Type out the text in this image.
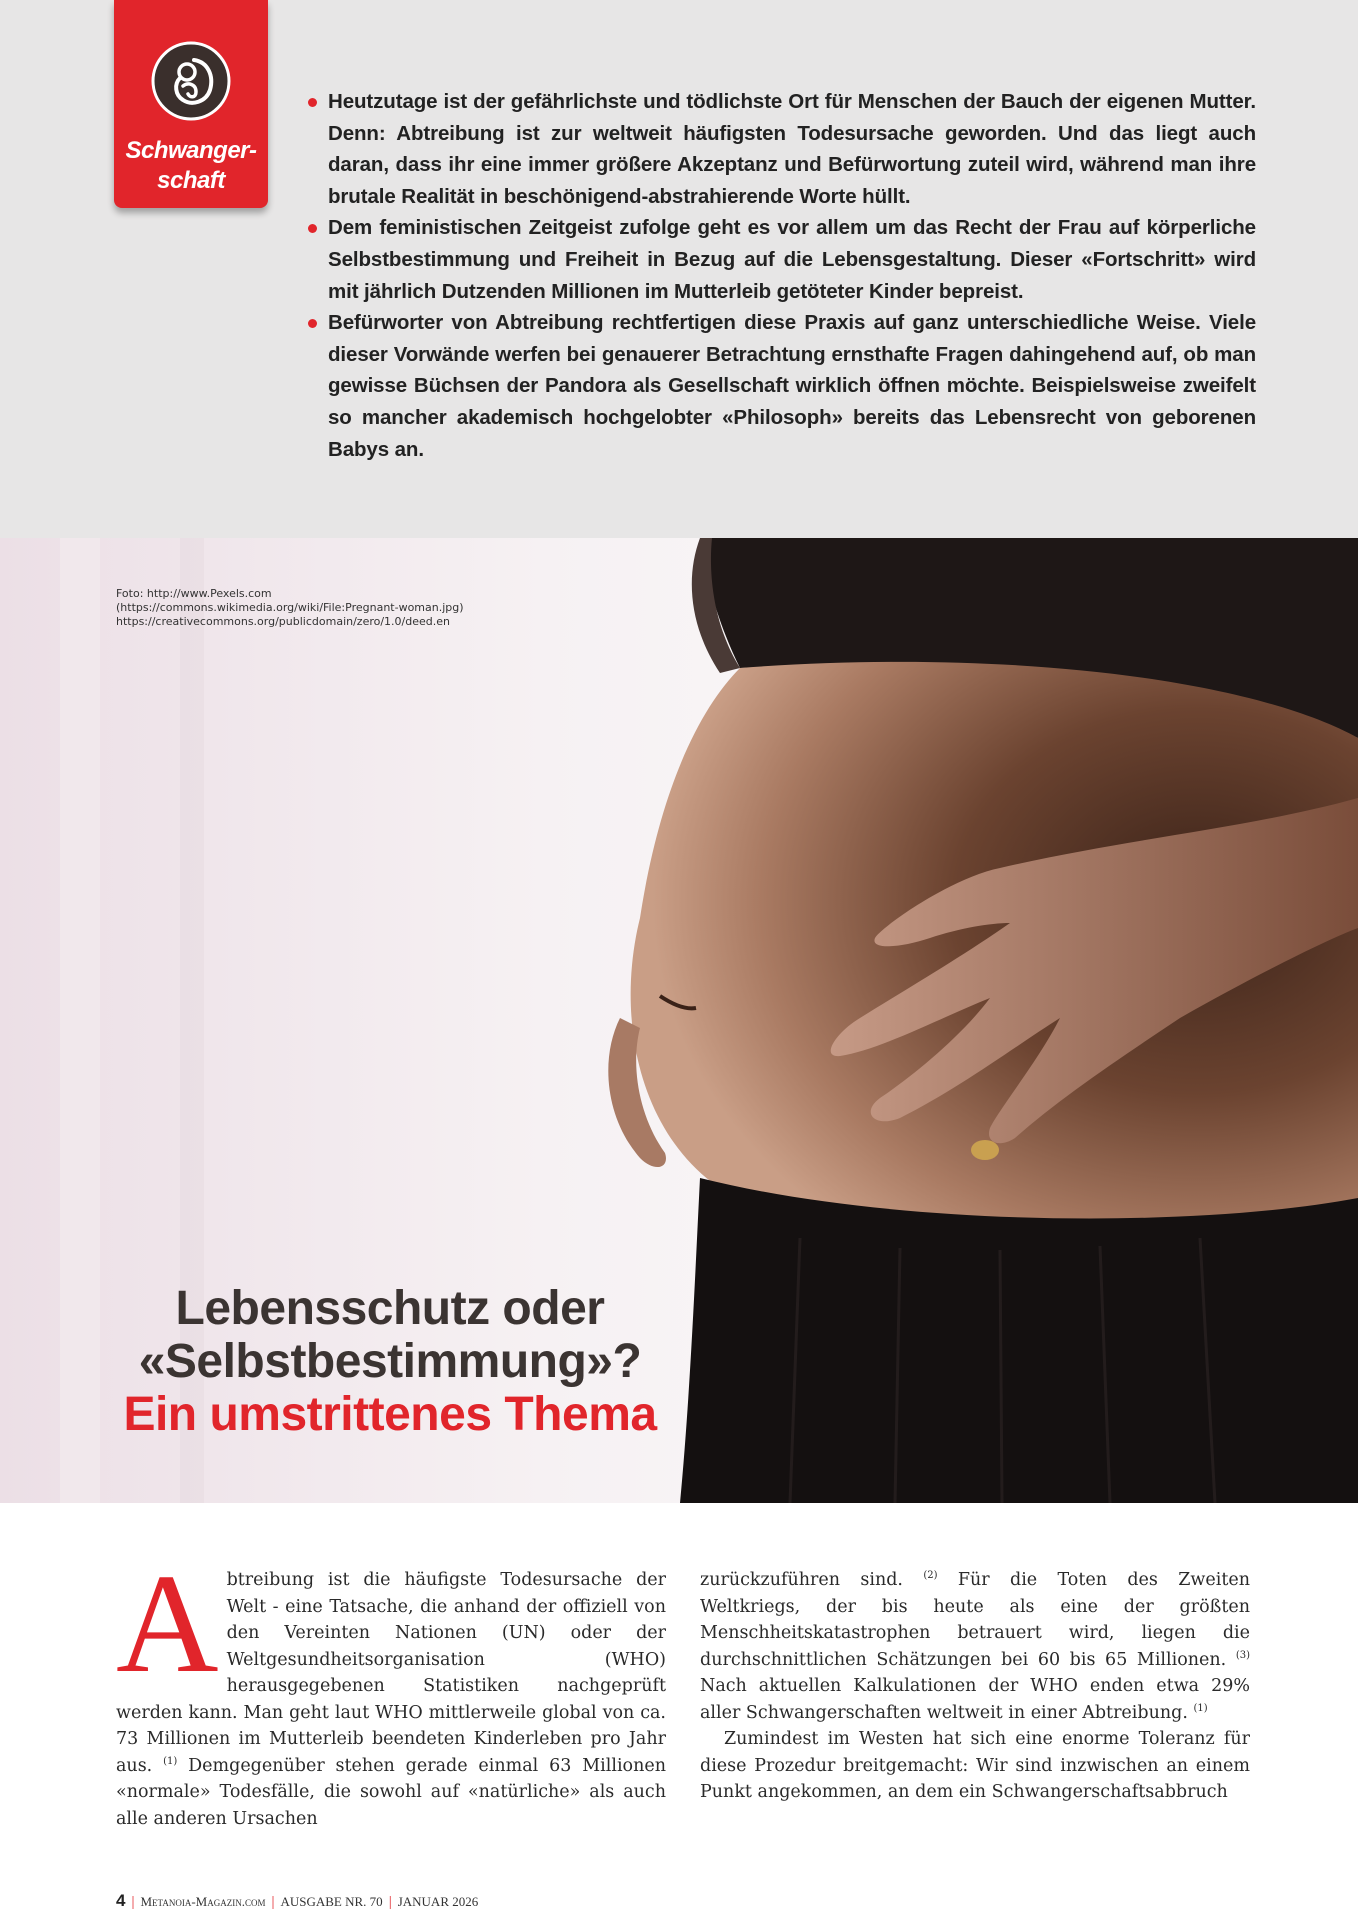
Schwanger-
schaft
Heutzutage ist der gefährlichste und tödlichste Ort für Menschen der Bauch der eigenen Mutter. Denn: Abtreibung ist zur weltweit häufigsten Todesursache geworden. Und das liegt auch daran, dass ihr eine immer größere Akzeptanz und Befürwortung zuteil wird, während man ihre brutale Realität in beschönigend-abstrahierende Worte hüllt.
Dem feministischen Zeitgeist zufolge geht es vor allem um das Recht der Frau auf körperliche Selbstbestimmung und Freiheit in Bezug auf die Lebensgestaltung. Dieser «Fortschritt» wird mit jährlich Dutzenden Millionen im Mutterleib getöteter Kinder bepreist.
Befürworter von Abtreibung rechtfertigen diese Praxis auf ganz unterschiedliche Weise. Viele dieser Vorwände werfen bei genauerer Betrachtung ernsthafte Fragen dahingehend auf, ob man gewisse Büchsen der Pandora als Gesellschaft wirklich öffnen möchte. Beispielsweise zweifelt so mancher akademisch hochgelobter «Philosoph» bereits das Lebensrecht von geborenen Babys an.
Foto: http://www.Pexels.com
(https://commons.wikimedia.org/wiki/File:Pregnant-woman.jpg)
https://creativecommons.org/publicdomain/zero/1.0/deed.en
Lebensschutz oder
«Selbstbestimmung»?
Ein umstrittenes Thema

Abtreibung ist die häufigste Todesursache der Welt - eine Tatsache, die anhand der offiziell von den Vereinten Nationen (UN) oder der Weltgesundheitsorganisation (WHO) herausgegebenen Statistiken nachgeprüft werden kann. Man geht laut WHO mittlerweile global von ca. 73 Millionen im Mutterleib beendeten Kinderleben pro Jahr aus. $^{(1)}$ Demgegenüber stehen gerade einmal 63 Millionen «normale» Todesfälle, die sowohl auf «natürliche» als auch alle anderen Ursachen

zurückzuführen sind. $^{(2)}$ Für die Toten des Zweiten Weltkriegs, der bis heute als eine der größten Menschheitskatastrophen betrauert wird, liegen die durchschnittlichen Schätzungen bei 60 bis 65 Millionen. $^{(3)}$ Nach aktuellen Kalkulationen der WHO enden etwa 29% aller Schwangerschaften weltweit in einer Abtreibung. $^{(1)}$

Zumindest im Westen hat sich eine enorme Toleranz für diese Prozedur breitgemacht: Wir sind inzwischen an einem Punkt angekommen, an dem ein Schwangerschaftsabbruch

4 | Metanoia-Magazin.com | AUSGABE NR. 70 | JANUAR 2026
